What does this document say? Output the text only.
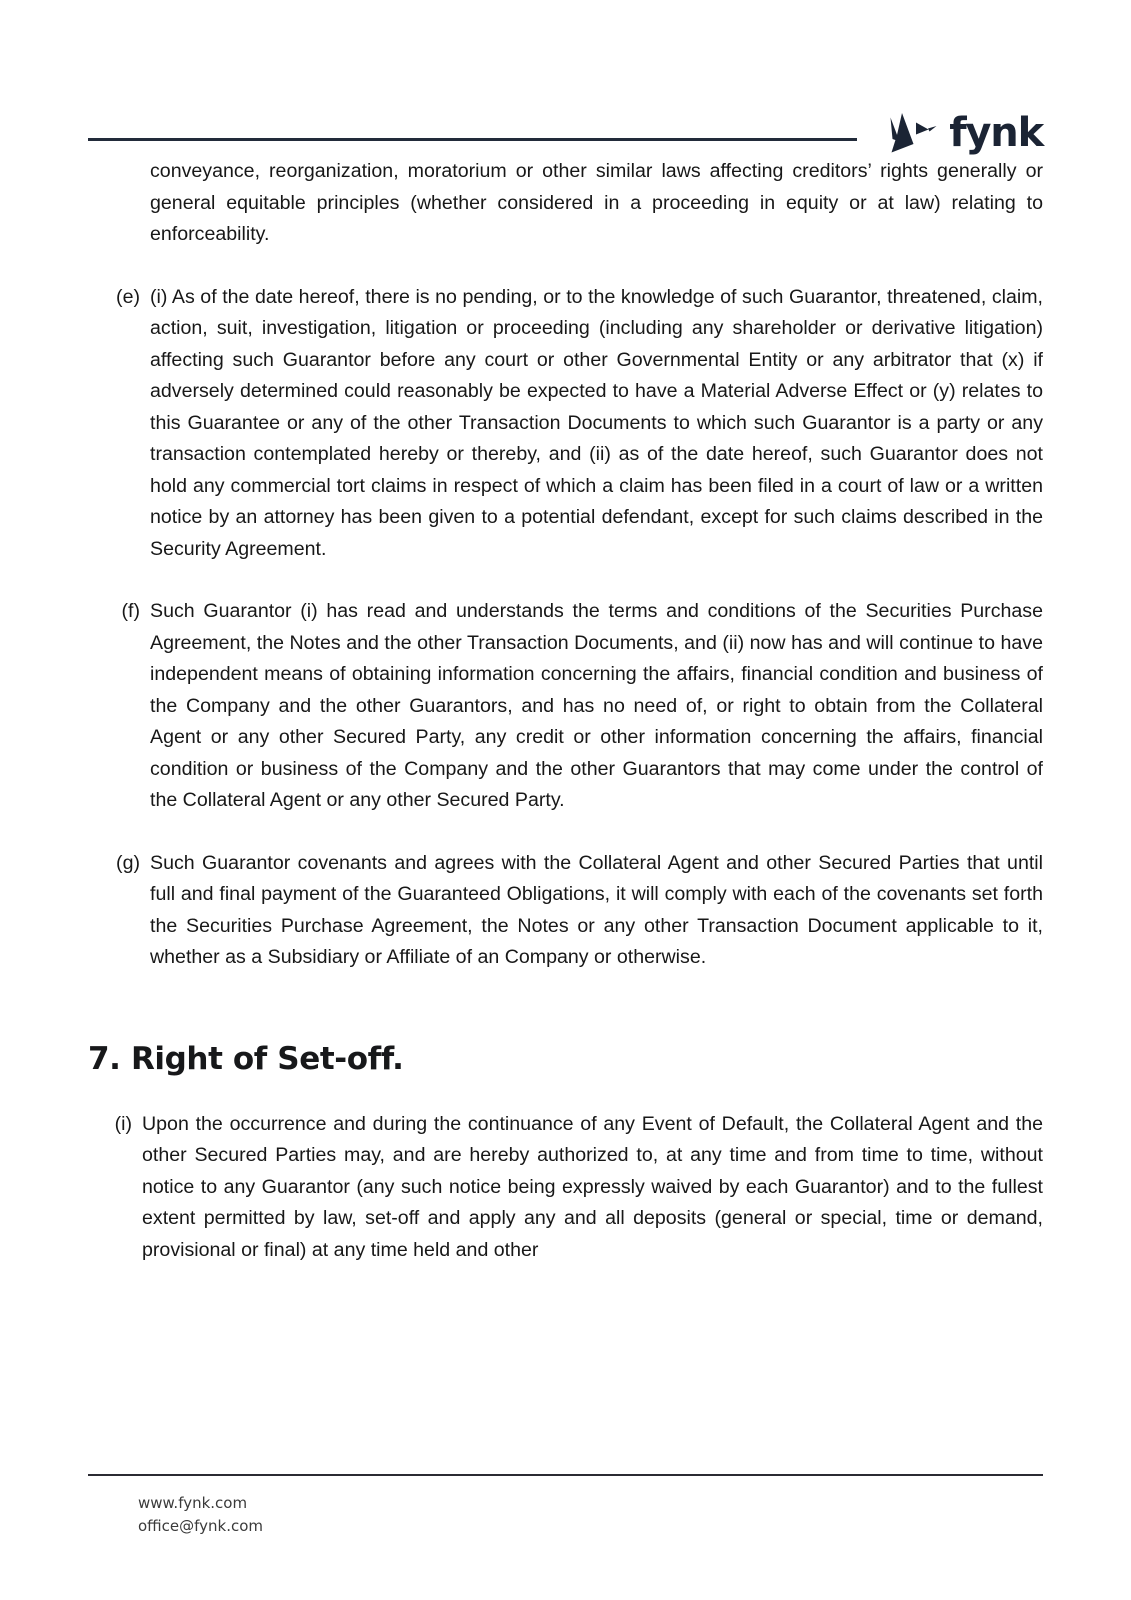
fynk

conveyance, reorganization, moratorium or other similar laws affecting creditors’ rights generally or general equitable principles (whether considered in a proceeding in equity or at law) relating to enforceability.

(e) (i) As of the date hereof, there is no pending, or to the knowledge of such Guarantor, threatened, claim, action, suit, investigation, litigation or proceeding (including any shareholder or derivative litigation) affecting such Guarantor before any court or other Governmental Entity or any arbitrator that (x) if adversely determined could reasonably be expected to have a Material Adverse Effect or (y) relates to this Guarantee or any of the other Transaction Documents to which such Guarantor is a party or any transaction contemplated hereby or thereby, and (ii) as of the date hereof, such Guarantor does not hold any commercial tort claims in respect of which a claim has been filed in a court of law or a written notice by an attorney has been given to a potential defendant, except for such claims described in the Security Agreement.

(f) Such Guarantor (i) has read and understands the terms and conditions of the Securities Purchase Agreement, the Notes and the other Transaction Documents, and (ii) now has and will continue to have independent means of obtaining information concerning the affairs, financial condition and business of the Company and the other Guarantors, and has no need of, or right to obtain from the Collateral Agent or any other Secured Party, any credit or other information concerning the affairs, financial condition or business of the Company and the other Guarantors that may come under the control of the Collateral Agent or any other Secured Party.

(g) Such Guarantor covenants and agrees with the Collateral Agent and other Secured Parties that until full and final payment of the Guaranteed Obligations, it will comply with each of the covenants set forth the Securities Purchase Agreement, the Notes or any other Transaction Document applicable to it, whether as a Subsidiary or Affiliate of an Company or otherwise.

7. Right of Set-off.

(i) Upon the occurrence and during the continuance of any Event of Default, the Collateral Agent and the other Secured Parties may, and are hereby authorized to, at any time and from time to time, without notice to any Guarantor (any such notice being expressly waived by each Guarantor) and to the fullest extent permitted by law, set-off and apply any and all deposits (general or special, time or demand, provisional or final) at any time held and other

www.fynk.com
office@fynk.com
